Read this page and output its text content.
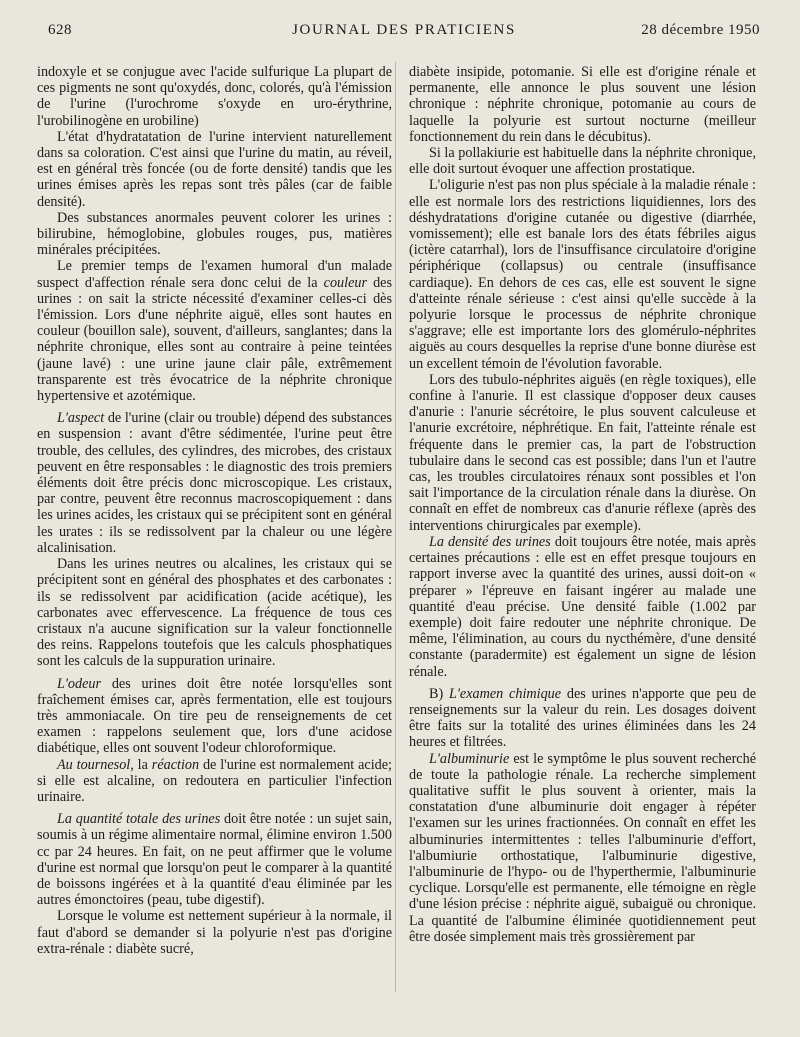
628	JOURNAL DES PRATICIENS	28 décembre 1950

indoxyle et se conjugue avec l'acide sulfurique La plupart de ces pigments ne sont qu'oxydés, donc, colorés, qu'à l'émission de l'urine (l'urochrome s'oxyde en uro-érythrine, l'urobilinogène en urobiline)

L'état d'hydratatation de l'urine intervient naturellement dans sa coloration. C'est ainsi que l'urine du matin, au réveil, est en général très foncée (ou de forte densité) tandis que les urines émises après les repas sont très pâles (car de faible densité).

Des substances anormales peuvent colorer les urines : bilirubine, hémoglobine, globules rouges, pus, matières minérales précipitées.

Le premier temps de l'examen humoral d'un malade suspect d'affection rénale sera donc celui de la couleur des urines : on sait la stricte nécessité d'examiner celles-ci dès l'émission. Lors d'une néphrite aiguë, elles sont hautes en couleur (bouillon sale), souvent, d'ailleurs, sanglantes; dans la néphrite chronique, elles sont au contraire à peine teintées (jaune lavé) : une urine jaune clair pâle, extrêmement transparente est très évocatrice de la néphrite chronique hypertensive et azotémique.

L'aspect de l'urine (clair ou trouble) dépend des substances en suspension : avant d'être sédimentée, l'urine peut être trouble, des cellules, des cylindres, des microbes, des cristaux peuvent en être responsables : le diagnostic des trois premiers éléments doit être précis donc microscopique. Les cristaux, par contre, peuvent être reconnus macroscopiquement : dans les urines acides, les cristaux qui se précipitent sont en général les urates : ils se redissolvent par la chaleur ou une légère alcalinisation.

Dans les urines neutres ou alcalines, les cristaux qui se précipitent sont en général des phosphates et des carbonates : ils se redissolvent par acidification (acide acétique), les carbonates avec effervescence. La fréquence de tous ces cristaux n'a aucune signification sur la valeur fonctionnelle des reins. Rappelons toutefois que les calculs phosphatiques sont les calculs de la suppuration urinaire.

L'odeur des urines doit être notée lorsqu'elles sont fraîchement émises car, après fermentation, elle est toujours très ammoniacale. On tire peu de renseignements de cet examen : rappelons seulement que, lors d'une acidose diabétique, elles ont souvent l'odeur chloroformique.

Au tournesol, la réaction de l'urine est normalement acide; si elle est alcaline, on redoutera en particulier l'infection urinaire.

La quantité totale des urines doit être notée : un sujet sain, soumis à un régime alimentaire normal, élimine environ 1.500 cc par 24 heures. En fait, on ne peut affirmer que le volume d'urine est normal que lorsqu'on peut le comparer à la quantité de boissons ingérées et à la quantité d'eau éliminée par les autres émonctoires (peau, tube digestif).

Lorsque le volume est nettement supérieur à la normale, il faut d'abord se demander si la polyurie n'est pas d'origine extra-rénale : diabète sucré,

diabète insipide, potomanie. Si elle est d'origine rénale et permanente, elle annonce le plus souvent une lésion chronique : néphrite chronique, potomanie au cours de laquelle la polyurie est surtout nocturne (meilleur fonctionnement du rein dans le décubitus).

Si la pollakiurie est habituelle dans la néphrite chronique, elle doit surtout évoquer une affection prostatique.

L'oligurie n'est pas non plus spéciale à la maladie rénale : elle est normale lors des restrictions liquidiennes, lors des déshydratations d'origine cutanée ou digestive (diarrhée, vomissement); elle est banale lors des états fébriles aigus (ictère catarrhal), lors de l'insuffisance circulatoire d'origine périphérique (collapsus) ou centrale (insuffisance cardiaque). En dehors de ces cas, elle est souvent le signe d'atteinte rénale sérieuse : c'est ainsi qu'elle succède à la polyurie lorsque le processus de néphrite chronique s'aggrave; elle est importante lors des glomérulo-néphrites aiguës au cours desquelles la reprise d'une bonne diurèse est un excellent témoin de l'évolution favorable.

Lors des tubulo-néphrites aiguës (en règle toxiques), elle confine à l'anurie. Il est classique d'opposer deux causes d'anurie : l'anurie sécrétoire, le plus souvent calculeuse et l'anurie excrétoire, néphrétique. En fait, l'atteinte rénale est fréquente dans le premier cas, la part de l'obstruction tubulaire dans le second cas est possible; dans l'un et l'autre cas, les troubles circulatoires rénaux sont possibles et l'on sait l'importance de la circulation rénale dans la diurèse. On connaît en effet de nombreux cas d'anurie réflexe (après des interventions chirurgicales par exemple).

La densité des urines doit toujours être notée, mais après certaines précautions : elle est en effet presque toujours en rapport inverse avec la quantité des urines, aussi doit-on « préparer » l'épreuve en faisant ingérer au malade une quantité d'eau précise. Une densité faible (1.002 par exemple) doit faire redouter une néphrite chronique. De même, l'élimination, au cours du nycthémère, d'une densité constante (paradermite) est également un signe de lésion rénale.

B) L'examen chimique des urines n'apporte que peu de renseignements sur la valeur du rein. Les dosages doivent être faits sur la totalité des urines éliminées dans les 24 heures et filtrées.

L'albuminurie est le symptôme le plus souvent recherché de toute la pathologie rénale. La recherche simplement qualitative suffit le plus souvent à orienter, mais la constatation d'une albuminurie doit engager à répéter l'examen sur les urines fractionnées. On connaît en effet les albuminuries intermittentes : telles l'albuminurie d'effort, l'albumiurie orthostatique, l'albuminurie digestive, l'albuminurie de l'hypo- ou de l'hyperthermie, l'albuminurie cyclique. Lorsqu'elle est permanente, elle témoigne en règle d'une lésion précise : néphrite aiguë, subaiguë ou chronique. La quantité de l'albumine éliminée quotidiennement peut être dosée simplement mais très grossièrement par
